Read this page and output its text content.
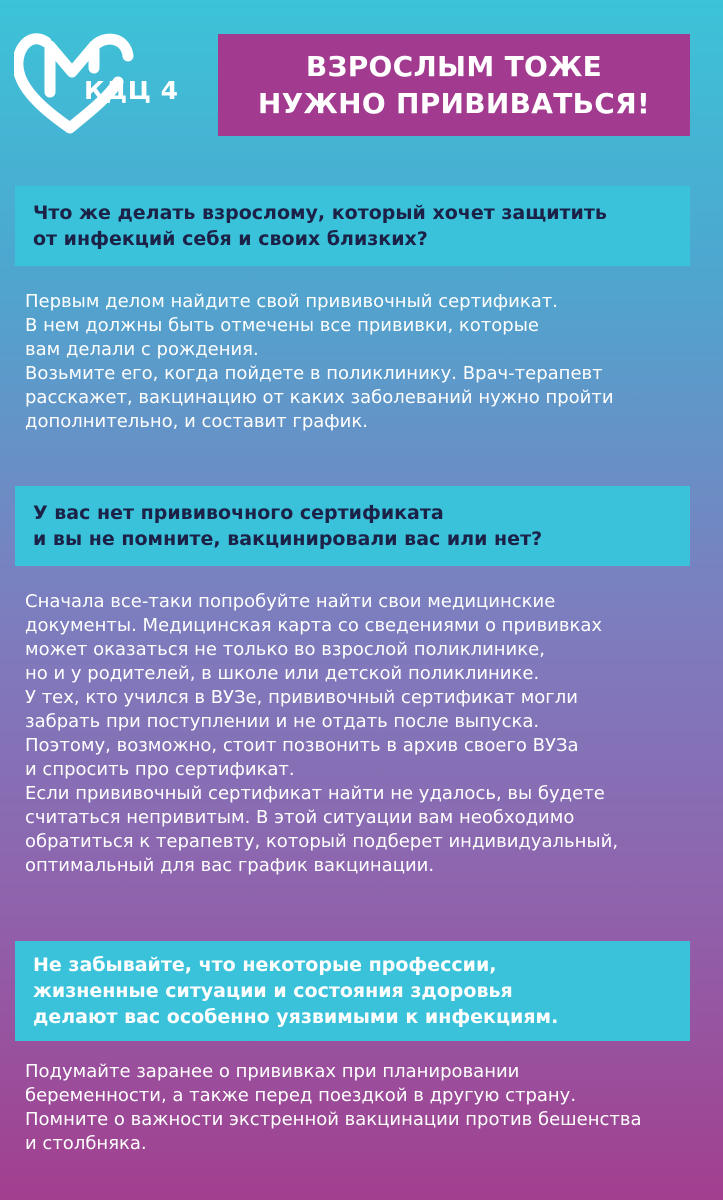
КДЦ 4
ВЗРОСЛЫМ ТОЖЕ
НУЖНО ПРИВИВАТЬСЯ!
Что же делать взрослому, который хочет защитить
от инфекций себя и своих близких?
Первым делом найдите свой прививочный сертификат.
В нем должны быть отмечены все прививки, которые
вам делали с рождения.
Возьмите его, когда пойдете в поликлинику. Врач-терапевт
расскажет, вакцинацию от каких заболеваний нужно пройти
дополнительно, и составит график.
У вас нет прививочного сертификата
и вы не помните, вакцинировали вас или нет?
Сначала все-таки попробуйте найти свои медицинские
документы. Медицинская карта со сведениями о прививках
может оказаться не только во взрослой поликлинике,
но и у родителей, в школе или детской поликлинике.
У тех, кто учился в ВУЗе, прививочный сертификат могли
забрать при поступлении и не отдать после выпуска.
Поэтому, возможно, стоит позвонить в архив своего ВУЗа
и спросить про сертификат.
Если прививочный сертификат найти не удалось, вы будете
считаться непривитым. В этой ситуации вам необходимо
обратиться к терапевту, который подберет индивидуальный,
оптимальный для вас график вакцинации.
Не забывайте, что некоторые профессии,
жизненные ситуации и состояния здоровья
делают вас особенно уязвимыми к инфекциям.
Подумайте заранее о прививках при планировании
беременности, а также перед поездкой в другую страну.
Помните о важности экстренной вакцинации против бешенства
и столбняка.
